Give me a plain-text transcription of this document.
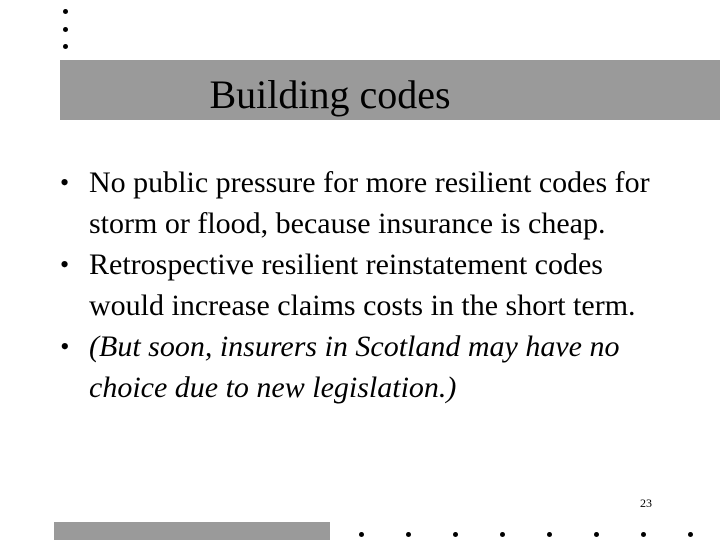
Building codes
• No public pressure for more resilient codes for storm or flood, because insurance is cheap.
• Retrospective resilient reinstatement codes would increase claims costs in the short term.
• (But soon, insurers in Scotland may have no choice due to new legislation.)
23
